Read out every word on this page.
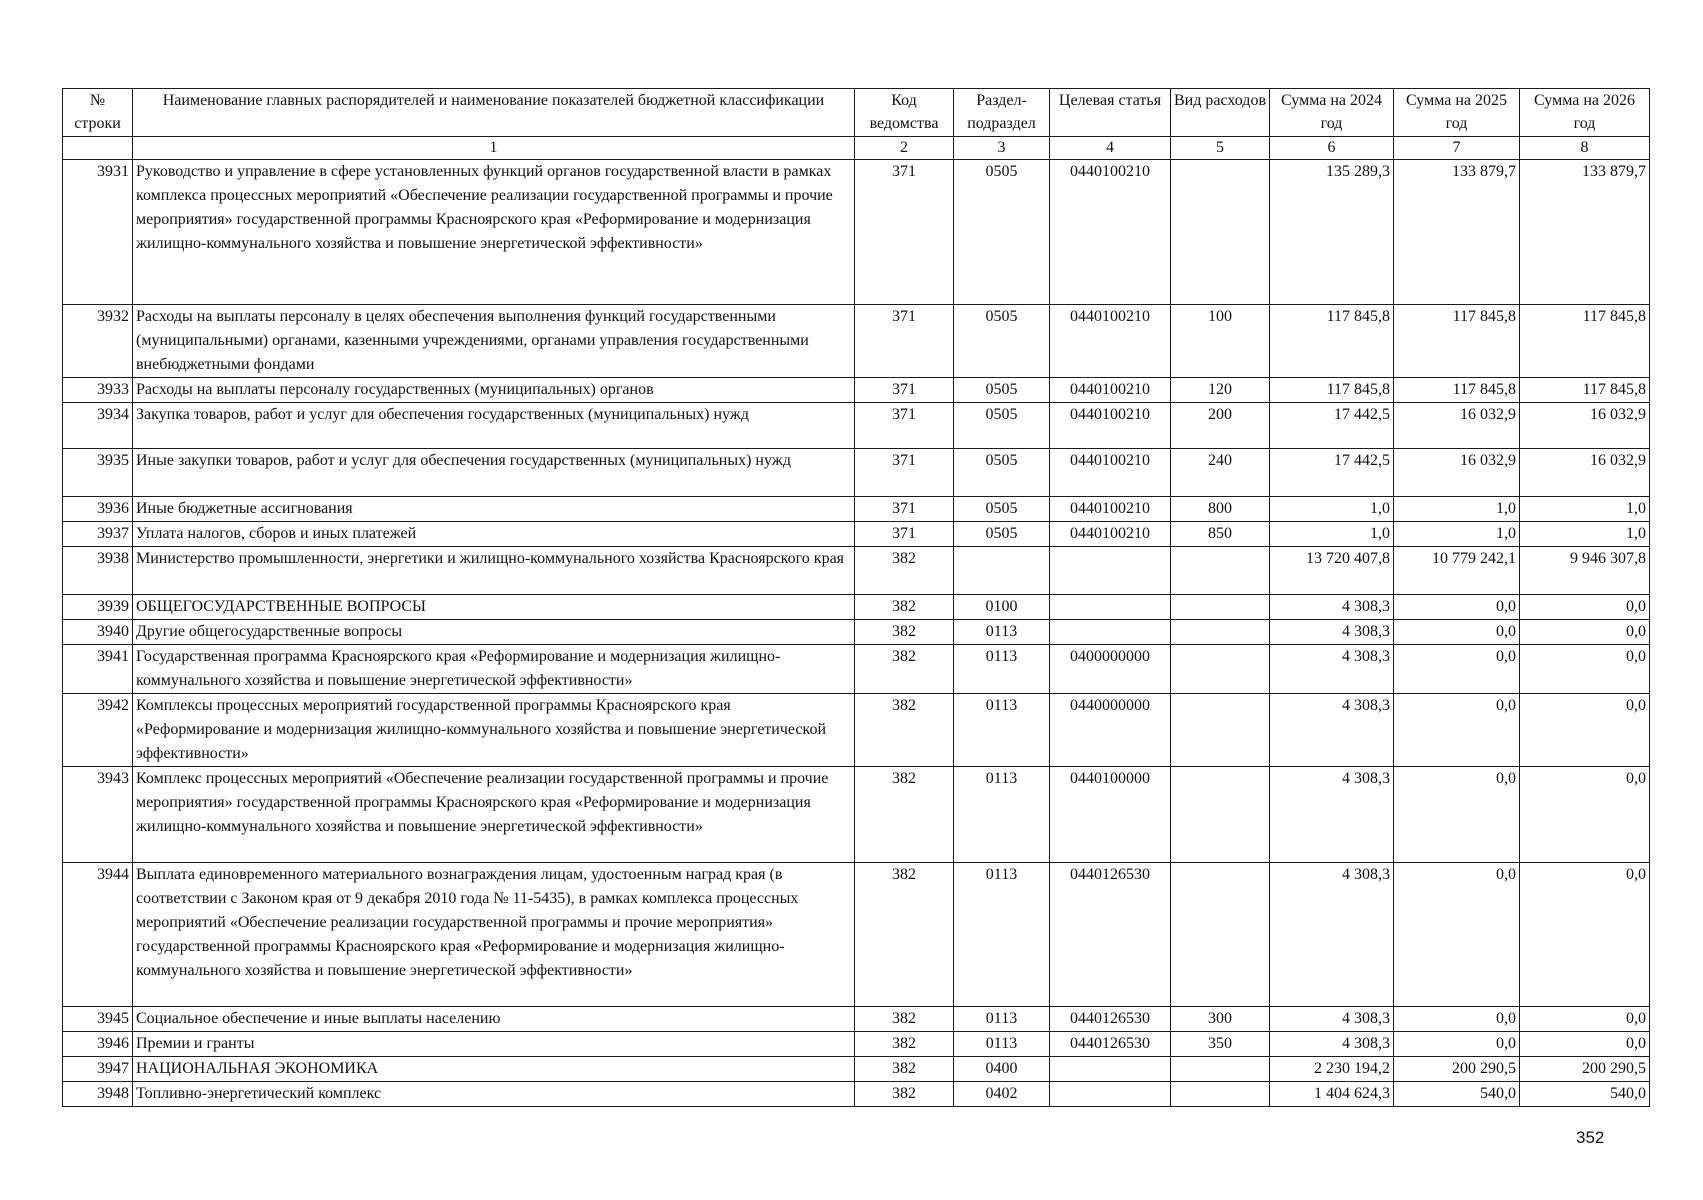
№ строки	Наименование главных распорядителей и наименование показателей бюджетной классификации	Код ведомства	Раздел-подраздел	Целевая статья	Вид расходов	Сумма на 2024 год	Сумма на 2025 год	Сумма на 2026 год
	1	2	3	4	5	6	7	8
3931	Руководство и управление в сфере установленных функций органов государственной власти в рамках комплекса процессных мероприятий «Обеспечение реализации государственной программы и прочие мероприятия» государственной программы Красноярского края «Реформирование и модернизация жилищно-коммунального хозяйства и повышение энергетической эффективности»	371	0505	0440100210		135 289,3	133 879,7	133 879,7
3932	Расходы на выплаты персоналу в целях обеспечения выполнения функций государственными (муниципальными) органами, казенными учреждениями, органами управления государственными внебюджетными фондами	371	0505	0440100210	100	117 845,8	117 845,8	117 845,8
3933	Расходы на выплаты персоналу государственных (муниципальных) органов	371	0505	0440100210	120	117 845,8	117 845,8	117 845,8
3934	Закупка товаров, работ и услуг для обеспечения государственных (муниципальных) нужд	371	0505	0440100210	200	17 442,5	16 032,9	16 032,9
3935	Иные закупки товаров, работ и услуг для обеспечения государственных (муниципальных) нужд	371	0505	0440100210	240	17 442,5	16 032,9	16 032,9
3936	Иные бюджетные ассигнования	371	0505	0440100210	800	1,0	1,0	1,0
3937	Уплата налогов, сборов и иных платежей	371	0505	0440100210	850	1,0	1,0	1,0
3938	Министерство промышленности, энергетики и жилищно-коммунального хозяйства Красноярского края	382				13 720 407,8	10 779 242,1	9 946 307,8
3939	ОБЩЕГОСУДАРСТВЕННЫЕ ВОПРОСЫ	382	0100			4 308,3	0,0	0,0
3940	Другие общегосударственные вопросы	382	0113			4 308,3	0,0	0,0
3941	Государственная программа Красноярского края «Реформирование и модернизация жилищно-коммунального хозяйства и повышение энергетической эффективности»	382	0113	0400000000		4 308,3	0,0	0,0
3942	Комплексы процессных мероприятий государственной программы Красноярского края «Реформирование и модернизация жилищно-коммунального хозяйства и повышение энергетической эффективности»	382	0113	0440000000		4 308,3	0,0	0,0
3943	Комплекс процессных мероприятий «Обеспечение реализации государственной программы и прочие мероприятия» государственной программы Красноярского края «Реформирование и модернизация жилищно-коммунального хозяйства и повышение энергетической эффективности»	382	0113	0440100000		4 308,3	0,0	0,0
3944	Выплата единовременного материального вознаграждения лицам, удостоенным наград края (в соответствии с Законом края от 9 декабря 2010 года № 11-5435), в рамках комплекса процессных мероприятий «Обеспечение реализации государственной программы и прочие мероприятия» государственной программы Красноярского края «Реформирование и модернизация жилищно-коммунального хозяйства и повышение энергетической эффективности»	382	0113	0440126530		4 308,3	0,0	0,0
3945	Социальное обеспечение и иные выплаты населению	382	0113	0440126530	300	4 308,3	0,0	0,0
3946	Премии и гранты	382	0113	0440126530	350	4 308,3	0,0	0,0
3947	НАЦИОНАЛЬНАЯ ЭКОНОМИКА	382	0400			2 230 194,2	200 290,5	200 290,5
3948	Топливно-энергетический комплекс	382	0402			1 404 624,3	540,0	540,0
352
